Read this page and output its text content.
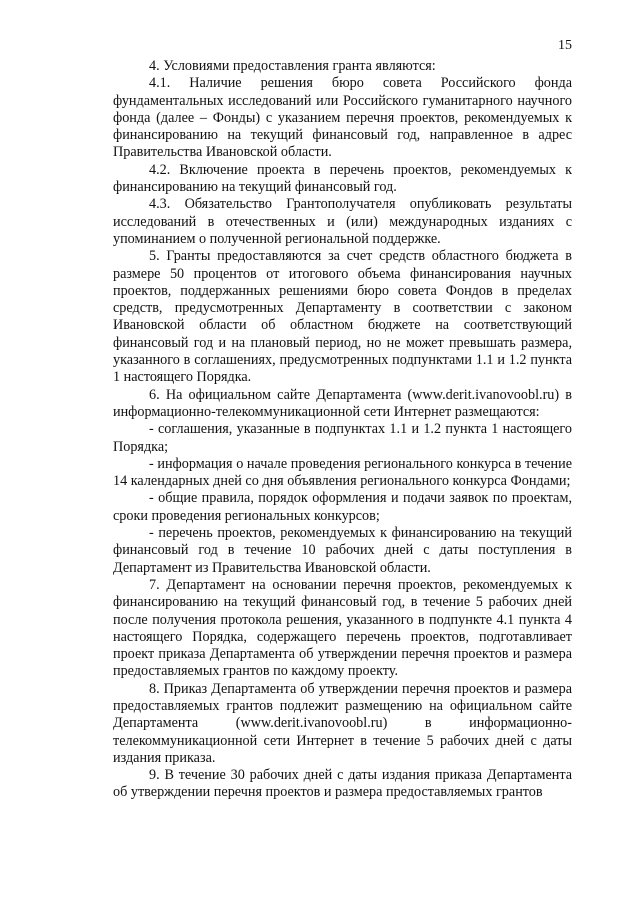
15

4. Условиями предоставления гранта являются:

4.1. Наличие решения бюро совета Российского фонда фундаментальных исследований или Российского гуманитарного научного фонда (далее – Фонды) с указанием перечня проектов, рекомендуемых к финансированию на текущий финансовый год, направленное в адрес Правительства Ивановской области.

4.2. Включение проекта в перечень проектов, рекомендуемых к финансированию на текущий финансовый год.

4.3. Обязательство Грантополучателя опубликовать результаты исследований в отечественных и (или) международных изданиях с упоминанием о полученной региональной поддержке.

5. Гранты предоставляются за счет средств областного бюджета в размере 50 процентов от итогового объема финансирования научных проектов, поддержанных решениями бюро совета Фондов в пределах средств, предусмотренных Департаменту в соответствии с законом Ивановской области об областном бюджете на соответствующий финансовый год и на плановый период, но не может превышать размера, указанного в соглашениях, предусмотренных подпунктами 1.1 и 1.2 пункта 1 настоящего Порядка.

6. На официальном сайте Департамента (www.derit.ivanovoobl.ru) в информационно-телекоммуникационной сети Интернет размещаются:

- соглашения, указанные в подпунктах 1.1 и 1.2 пункта 1 настоящего Порядка;

- информация о начале проведения регионального конкурса в течение 14 календарных дней со дня объявления регионального конкурса Фондами;

- общие правила, порядок оформления и подачи заявок по проектам, сроки проведения региональных конкурсов;

- перечень проектов, рекомендуемых к финансированию на текущий финансовый год в течение 10 рабочих дней с даты поступления в Департамент из Правительства Ивановской области.

7. Департамент на основании перечня проектов, рекомендуемых к финансированию на текущий финансовый год, в течение 5 рабочих дней после получения протокола решения, указанного в подпункте 4.1 пункта 4 настоящего Порядка, содержащего перечень проектов, подготавливает проект приказа Департамента об утверждении перечня проектов и размера предоставляемых грантов по каждому проекту.

8. Приказ Департамента об утверждении перечня проектов и размера предоставляемых грантов подлежит размещению на официальном сайте Департамента (www.derit.ivanovoobl.ru) в информационно-телекоммуникационной сети Интернет в течение 5 рабочих дней с даты издания приказа.

9. В течение 30 рабочих дней с даты издания приказа Департамента об утверждении перечня проектов и размера предоставляемых грантов
